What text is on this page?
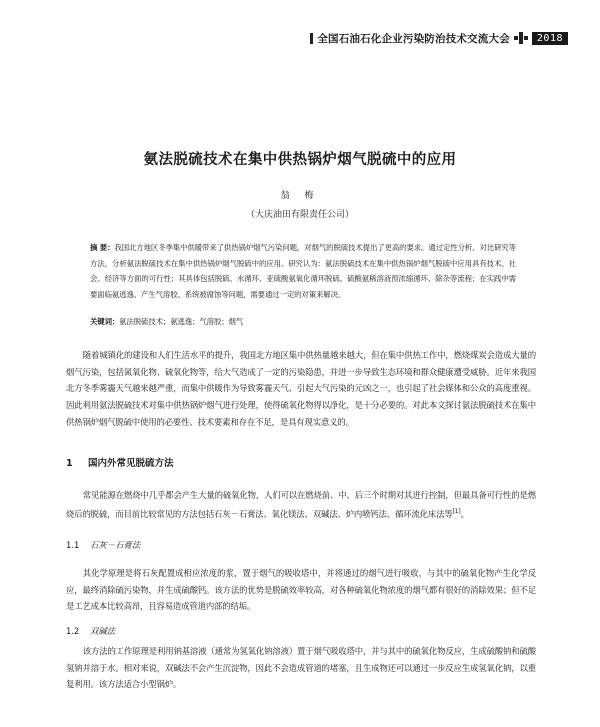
全国石油石化企业污染防治技术交流大会	2018
氨法脱硫技术在集中供热锅炉烟气脱硫中的应用
翁 梅
（大庆油田有限责任公司）
摘 要：我国北方地区冬季集中供暖带来了供热锅炉烟气污染问题，对烟气的脱硫技术提出了更高的要求。通过定性分析、对比研究等方法，分析氨法脱硫技术在集中供热锅炉烟气脱硫中的应用。研究认为：氨法脱硫技术在集中供热锅炉烟气脱硫中应用具有技术、社会、经济等方面的可行性；其具体包括脱硫、水循环、亚硫酸氨氧化循环脱硫、硫酸氨稀溶液预浓缩循环、除杂等流程；在实践中需要面临氨逃逸、产生气溶胶、系统被腐蚀等问题，需要通过一定的对策来解决。
关键词：氨法脱硫技术；氨逃逸；气溶胶；烟气
随着城镇化的建设和人们生活水平的提升，我国北方地区集中供热量越来越大，但在集中供热工作中，燃烧煤炭会造成大量的烟气污染，包括氮氧化物、硫氧化物等，给大气造成了一定的污染隐患，并进一步导致生态环境和群众健康遭受威胁。近年来我国北方冬季雾霾天气越来越严重，而集中供暖作为导致雾霾天气、引起大气污染的元凶之一，也引起了社会媒体和公众的高度重视。因此利用氨法脱硫技术对集中供热锅炉烟气进行处理，使得硫氧化物得以净化，是十分必要的。对此本文探讨氨法脱硫技术在集中供热锅炉烟气脱硫中使用的必要性、技术要素和存在不足，是具有现实意义的。
1 国内外常见脱硫方法
常见能源在燃烧中几乎都会产生大量的硫氧化物，人们可以在燃烧前、中、后三个时期对其进行控制，但最具备可行性的是燃烧后的脱硫，而目前比较常见的方法包括石灰－石膏法、氧化镁法、双碱法、炉内喷钙法、循环流化床法等[1]。
1.1 石灰－石膏法
其化学原理是将石灰配置成相应浓度的浆，置于烟气的吸收塔中，并将通过的烟气进行吸收，与其中的硫氧化物产生化学反应，最终消除硫污染物，并生成硫酸钙。该方法的优势是脱硫效率较高，对各种硫氧化物浓度的烟气都有很好的消除效果；但不足是工艺成本比较高昂，且容易造成管道内部的结垢。
1.2 双碱法
该方法的工作原理是利用钠基溶液（通常为氢氧化钠溶液）置于烟气吸收塔中，并与其中的硫氧化物反应，生成硫酸钠和硫酸氢钠并溶于水。相对来说，双碱法不会产生沉淀物，因此不会造成管道的堵塞，且生成物还可以通过一步反应生成氢氧化钠，以重复利用。该方法适合小型锅炉。
